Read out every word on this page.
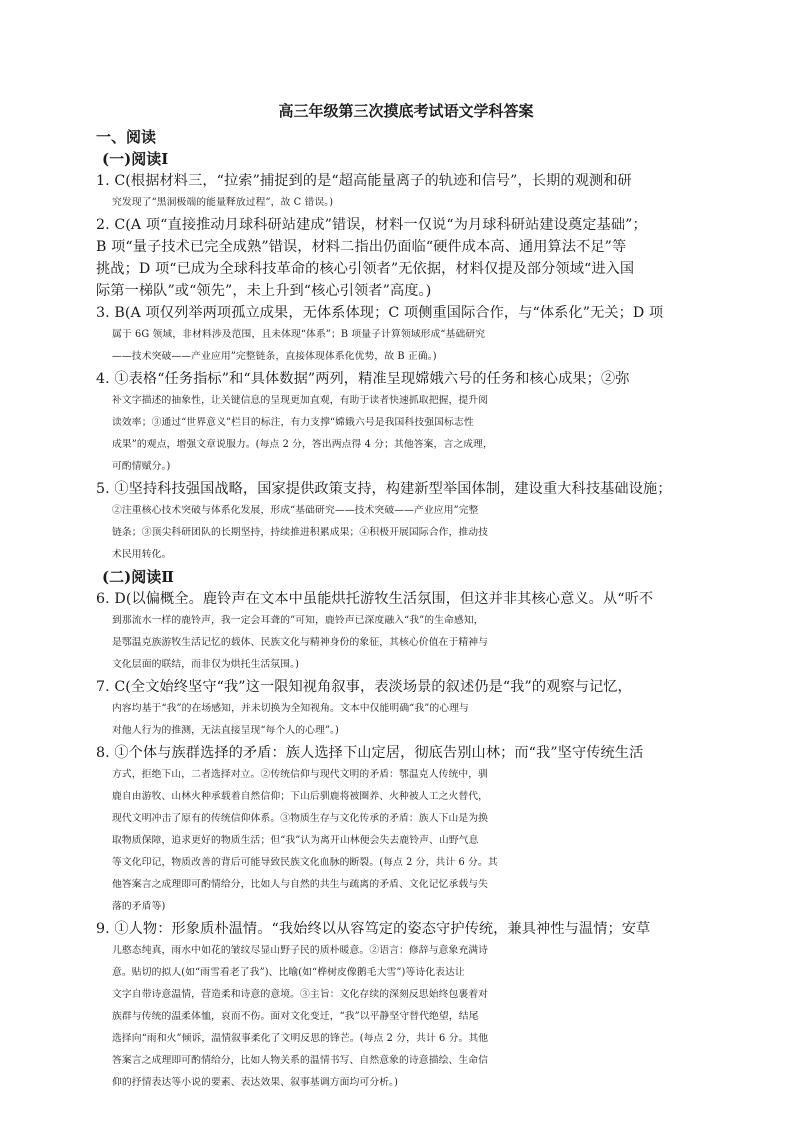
高三年级第三次摸底考试语文学科答案
一、阅读
(一)阅读Ⅰ
1. C(根据材料三，“拉索”捕捉到的是“超高能量离子的轨迹和信号”，长期的观测和研
究发现了“黑洞极端的能量释放过程”，故 C 错误。)
2. C(A 项“直接推动月球科研站建成”错误，材料一仅说“为月球科研站建设奠定基础”；
B 项“量子技术已完全成熟”错误，材料二指出仍面临“硬件成本高、通用算法不足”等
挑战；D 项“已成为全球科技革命的核心引领者”无依据，材料仅提及部分领域“进入国
际第一梯队”或“领先”，未上升到“核心引领者”高度。)
3. B(A 项仅列举两项孤立成果，无体系体现；C 项侧重国际合作，与“体系化”无关；D 项
属于 6G 领域，非材料涉及范围，且未体现“体系”；B 项量子计算领域形成“基础研究
——技术突破——产业应用”完整链条，直接体现体系化优势，故 B 正确。)
4. ①表格“任务指标”和“具体数据”两列，精准呈现嫦娥六号的任务和核心成果；②弥
补文字描述的抽象性，让关键信息的呈现更加直观，有助于读者快速抓取把握，提升阅
读效率；③通过“世界意义”栏目的标注，有力支撑“嫦娥六号是我国科技强国标志性
成果”的观点，增强文章说服力。(每点 2 分，答出两点得 4 分；其他答案，言之成理，
可酌情赋分。)
5. ①坚持科技强国战略，国家提供政策支持，构建新型举国体制，建设重大科技基础设施；
②注重核心技术突破与体系化发展，形成“基础研究——技术突破——产业应用”完整
链条；③顶尖科研团队的长期坚持，持续推进积累成果；④积极开展国际合作，推动技
术民用转化。
(二)阅读Ⅱ
6. D(以偏概全。鹿铃声在文本中虽能烘托游牧生活氛围，但这并非其核心意义。从“听不
到那流水一样的鹿铃声，我一定会耳聋的”可知，鹿铃声已深度融入“我”的生命感知，
是鄂温克族游牧生活记忆的载体、民族文化与精神身份的象征，其核心价值在于精神与
文化层面的联结，而非仅为烘托生活氛围。)
7. C(全文始终坚守“我”这一限知视角叙事，表淡场景的叙述仍是“我”的观察与记忆，
内容均基于“我”的在场感知，并未切换为全知视角。文本中仅能明确“我”的心理与
对他人行为的推测，无法直接呈现“每个人的心理”。)
8. ①个体与族群选择的矛盾：族人选择下山定居，彻底告别山林；而“我”坚守传统生活
方式，拒绝下山，二者选择对立。②传统信仰与现代文明的矛盾：鄂温克人传统中，驯
鹿自由游牧、山林火种承载着自然信仰；下山后驯鹿将被圈养、火种被人工之火替代，
现代文明冲击了原有的传统信仰体系。③物质生存与文化传承的矛盾：族人下山是为换
取物质保障，追求更好的物质生活；但“我”认为离开山林便会失去鹿铃声、山野气息
等文化印记，物质改善的背后可能导致民族文化血脉的断裂。(每点 2 分，共计 6 分。其
他答案言之成理即可酌情给分，比如人与自然的共生与疏离的矛盾、文化记忆承载与失
落的矛盾等)
9. ①人物：形象质朴温情。“我始终以从容笃定的姿态守护传统，兼具神性与温情；安草
儿憨态纯真，雨水中如花的皱纹尽显山野子民的质朴暖意。②语言：修辞与意象充满诗
意。贴切的拟人(如“雨雪看老了我”)、比喻(如“桦树皮像鹅毛大雪”)等诗化表达让
文字自带诗意温情，营造柔和诗意的意境。③主旨：文化存续的深刻反思始终包裹着对
族群与传统的温柔体恤，哀而不伤。面对文化变迁，“我”以平静坚守替代绝望，结尾
选择向“雨和火”倾诉，温情叙事柔化了文明反思的锋芒。(每点 2 分，共计 6 分。其他
答案言之成理即可酌情给分，比如人物关系的温情书写、自然意象的诗意描绘、生命信
仰的抒情表达等小说的要素、表达效果、叙事基调方面均可分析。)
